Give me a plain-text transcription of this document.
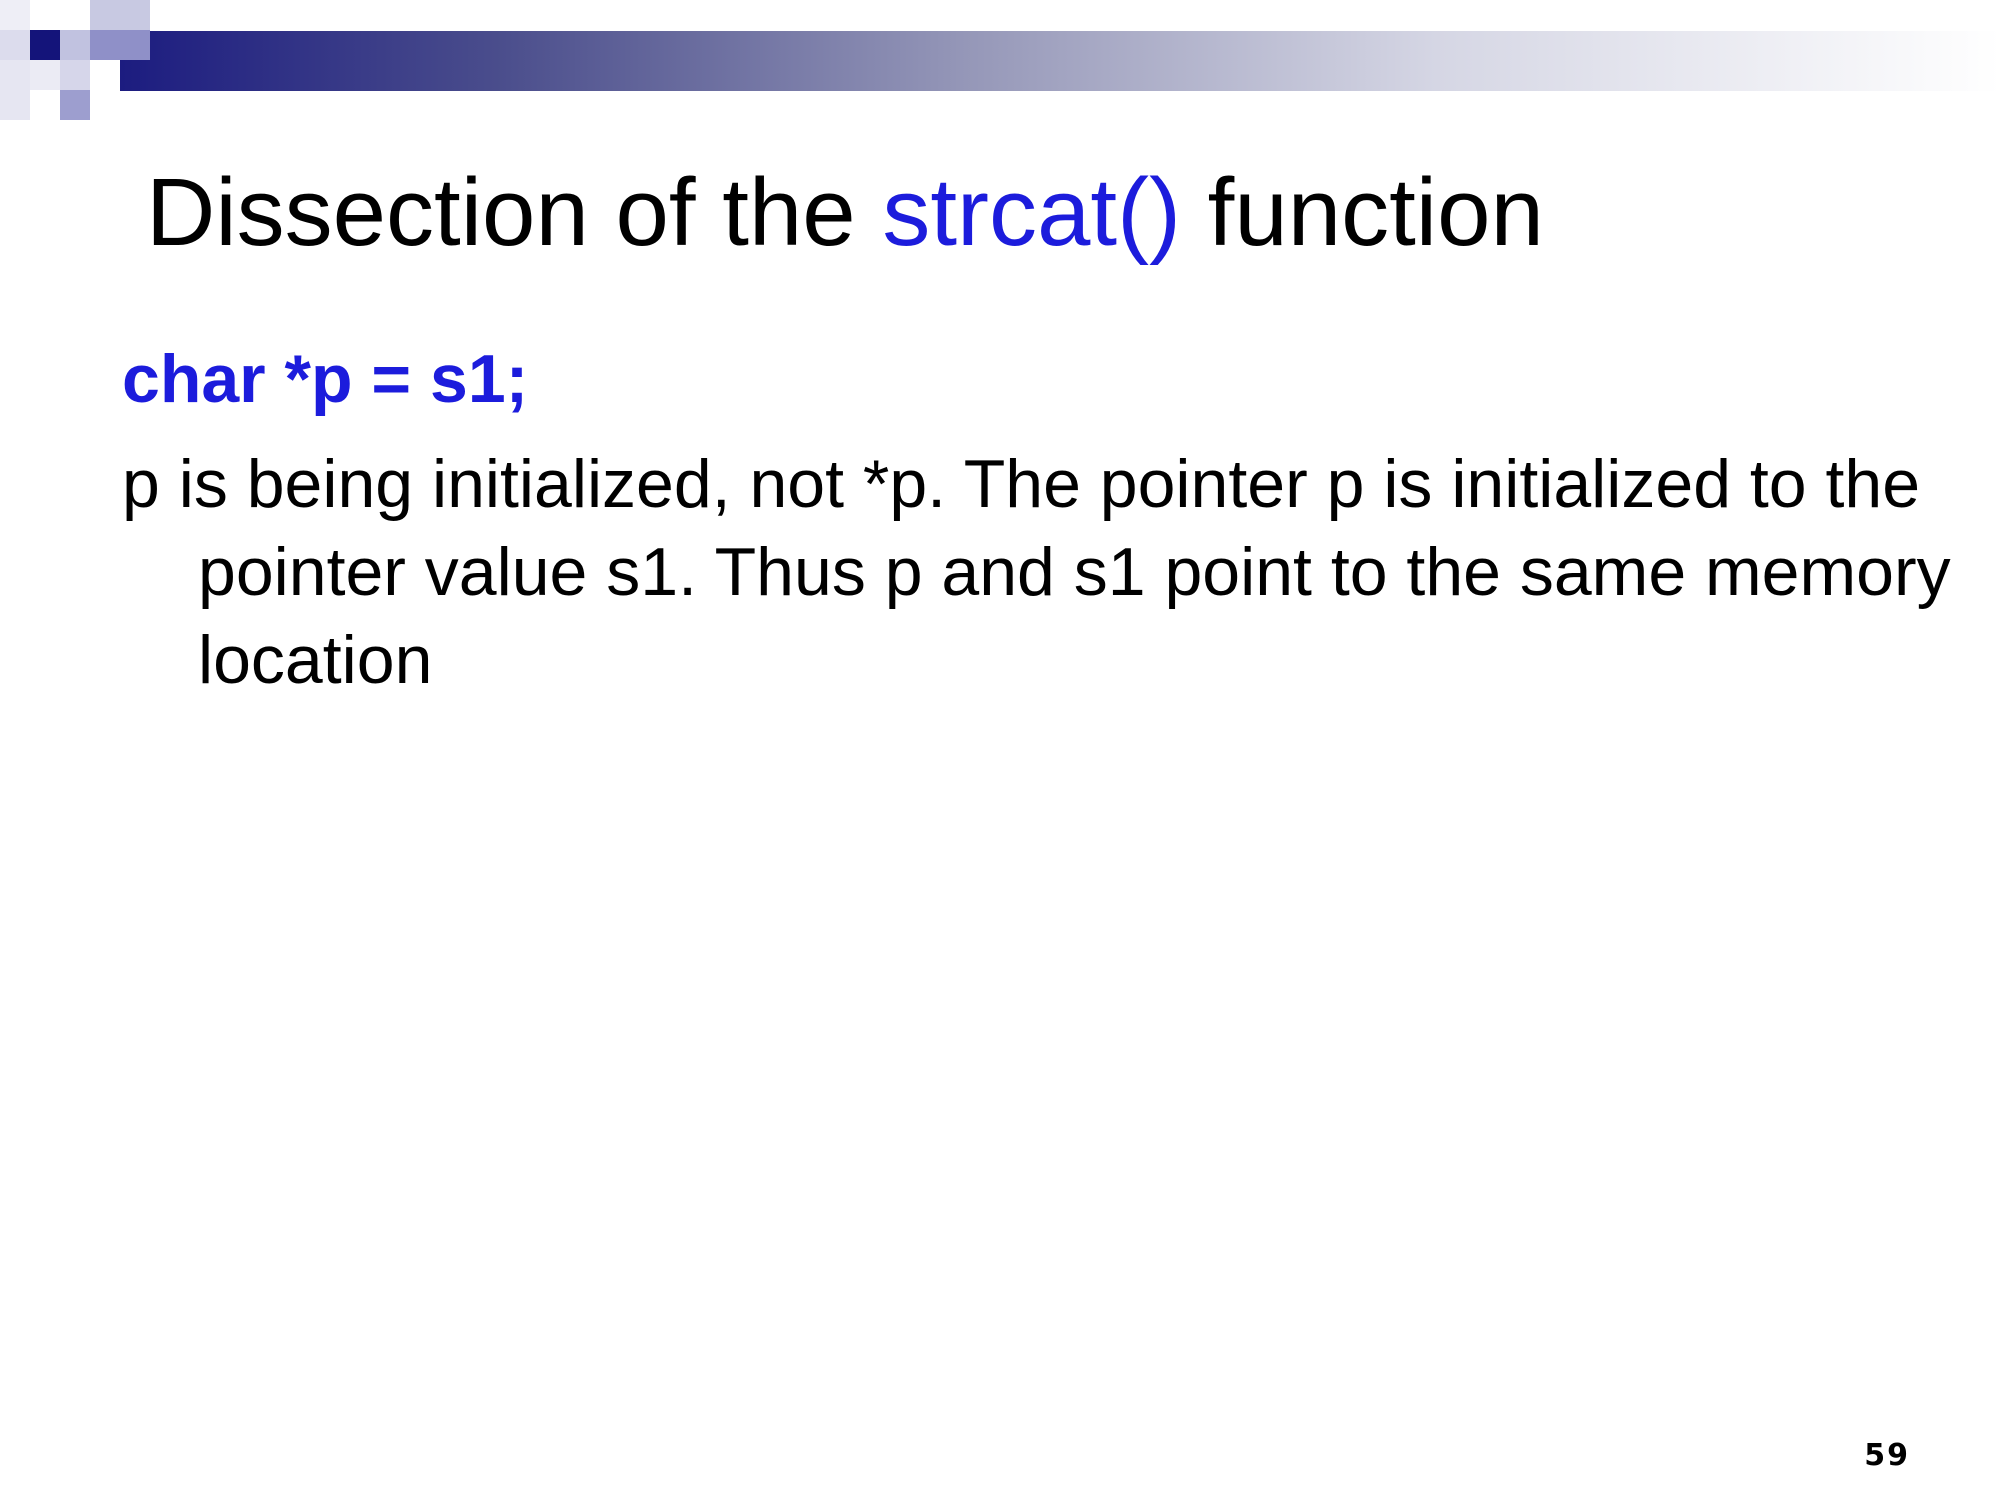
Dissection of the strcat() function

char *p = s1;

p is being initialized, not *p. The pointer p is initialized to the pointer value s1. Thus p and s1 point to the same memory location

59
